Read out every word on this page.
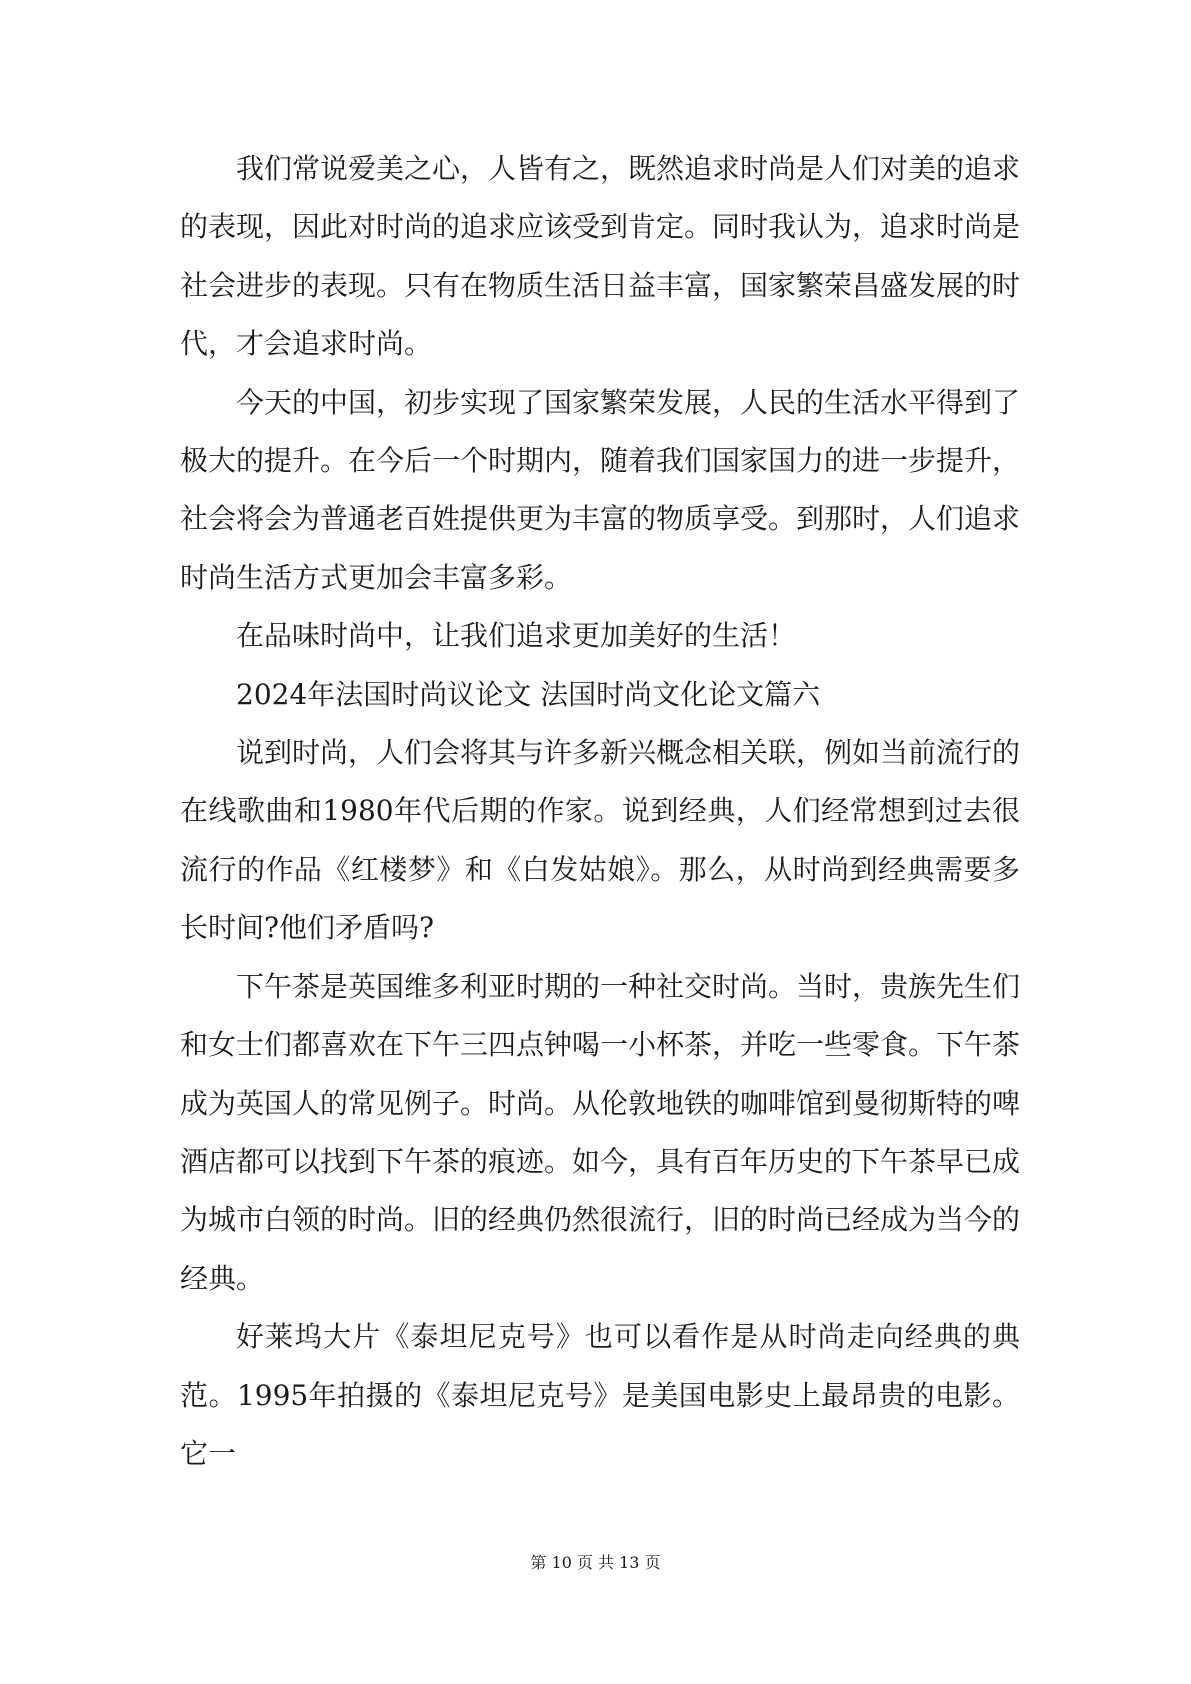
我们常说爱美之心，人皆有之，既然追求时尚是人们对美的追求的表现，因此对时尚的追求应该受到肯定。同时我认为，追求时尚是社会进步的表现。只有在物质生活日益丰富，国家繁荣昌盛发展的时代，才会追求时尚。

今天的中国，初步实现了国家繁荣发展，人民的生活水平得到了极大的提升。在今后一个时期内，随着我们国家国力的进一步提升，社会将会为普通老百姓提供更为丰富的物质享受。到那时，人们追求时尚生活方式更加会丰富多彩。

在品味时尚中，让我们追求更加美好的生活！

2024年法国时尚议论文 法国时尚文化论文篇六

说到时尚，人们会将其与许多新兴概念相关联，例如当前流行的在线歌曲和1980年代后期的作家。说到经典，人们经常想到过去很流行的作品《红楼梦》和《白发姑娘》。那么，从时尚到经典需要多长时间?他们矛盾吗?

下午茶是英国维多利亚时期的一种社交时尚。当时，贵族先生们和女士们都喜欢在下午三四点钟喝一小杯茶，并吃一些零食。下午茶成为英国人的常见例子。时尚。从伦敦地铁的咖啡馆到曼彻斯特的啤酒店都可以找到下午茶的痕迹。如今，具有百年历史的下午茶早已成为城市白领的时尚。旧的经典仍然很流行，旧的时尚已经成为当今的经典。

好莱坞大片《泰坦尼克号》也可以看作是从时尚走向经典的典范。1995年拍摄的《泰坦尼克号》是美国电影史上最昂贵的电影。它一

第 10 页 共 13 页
